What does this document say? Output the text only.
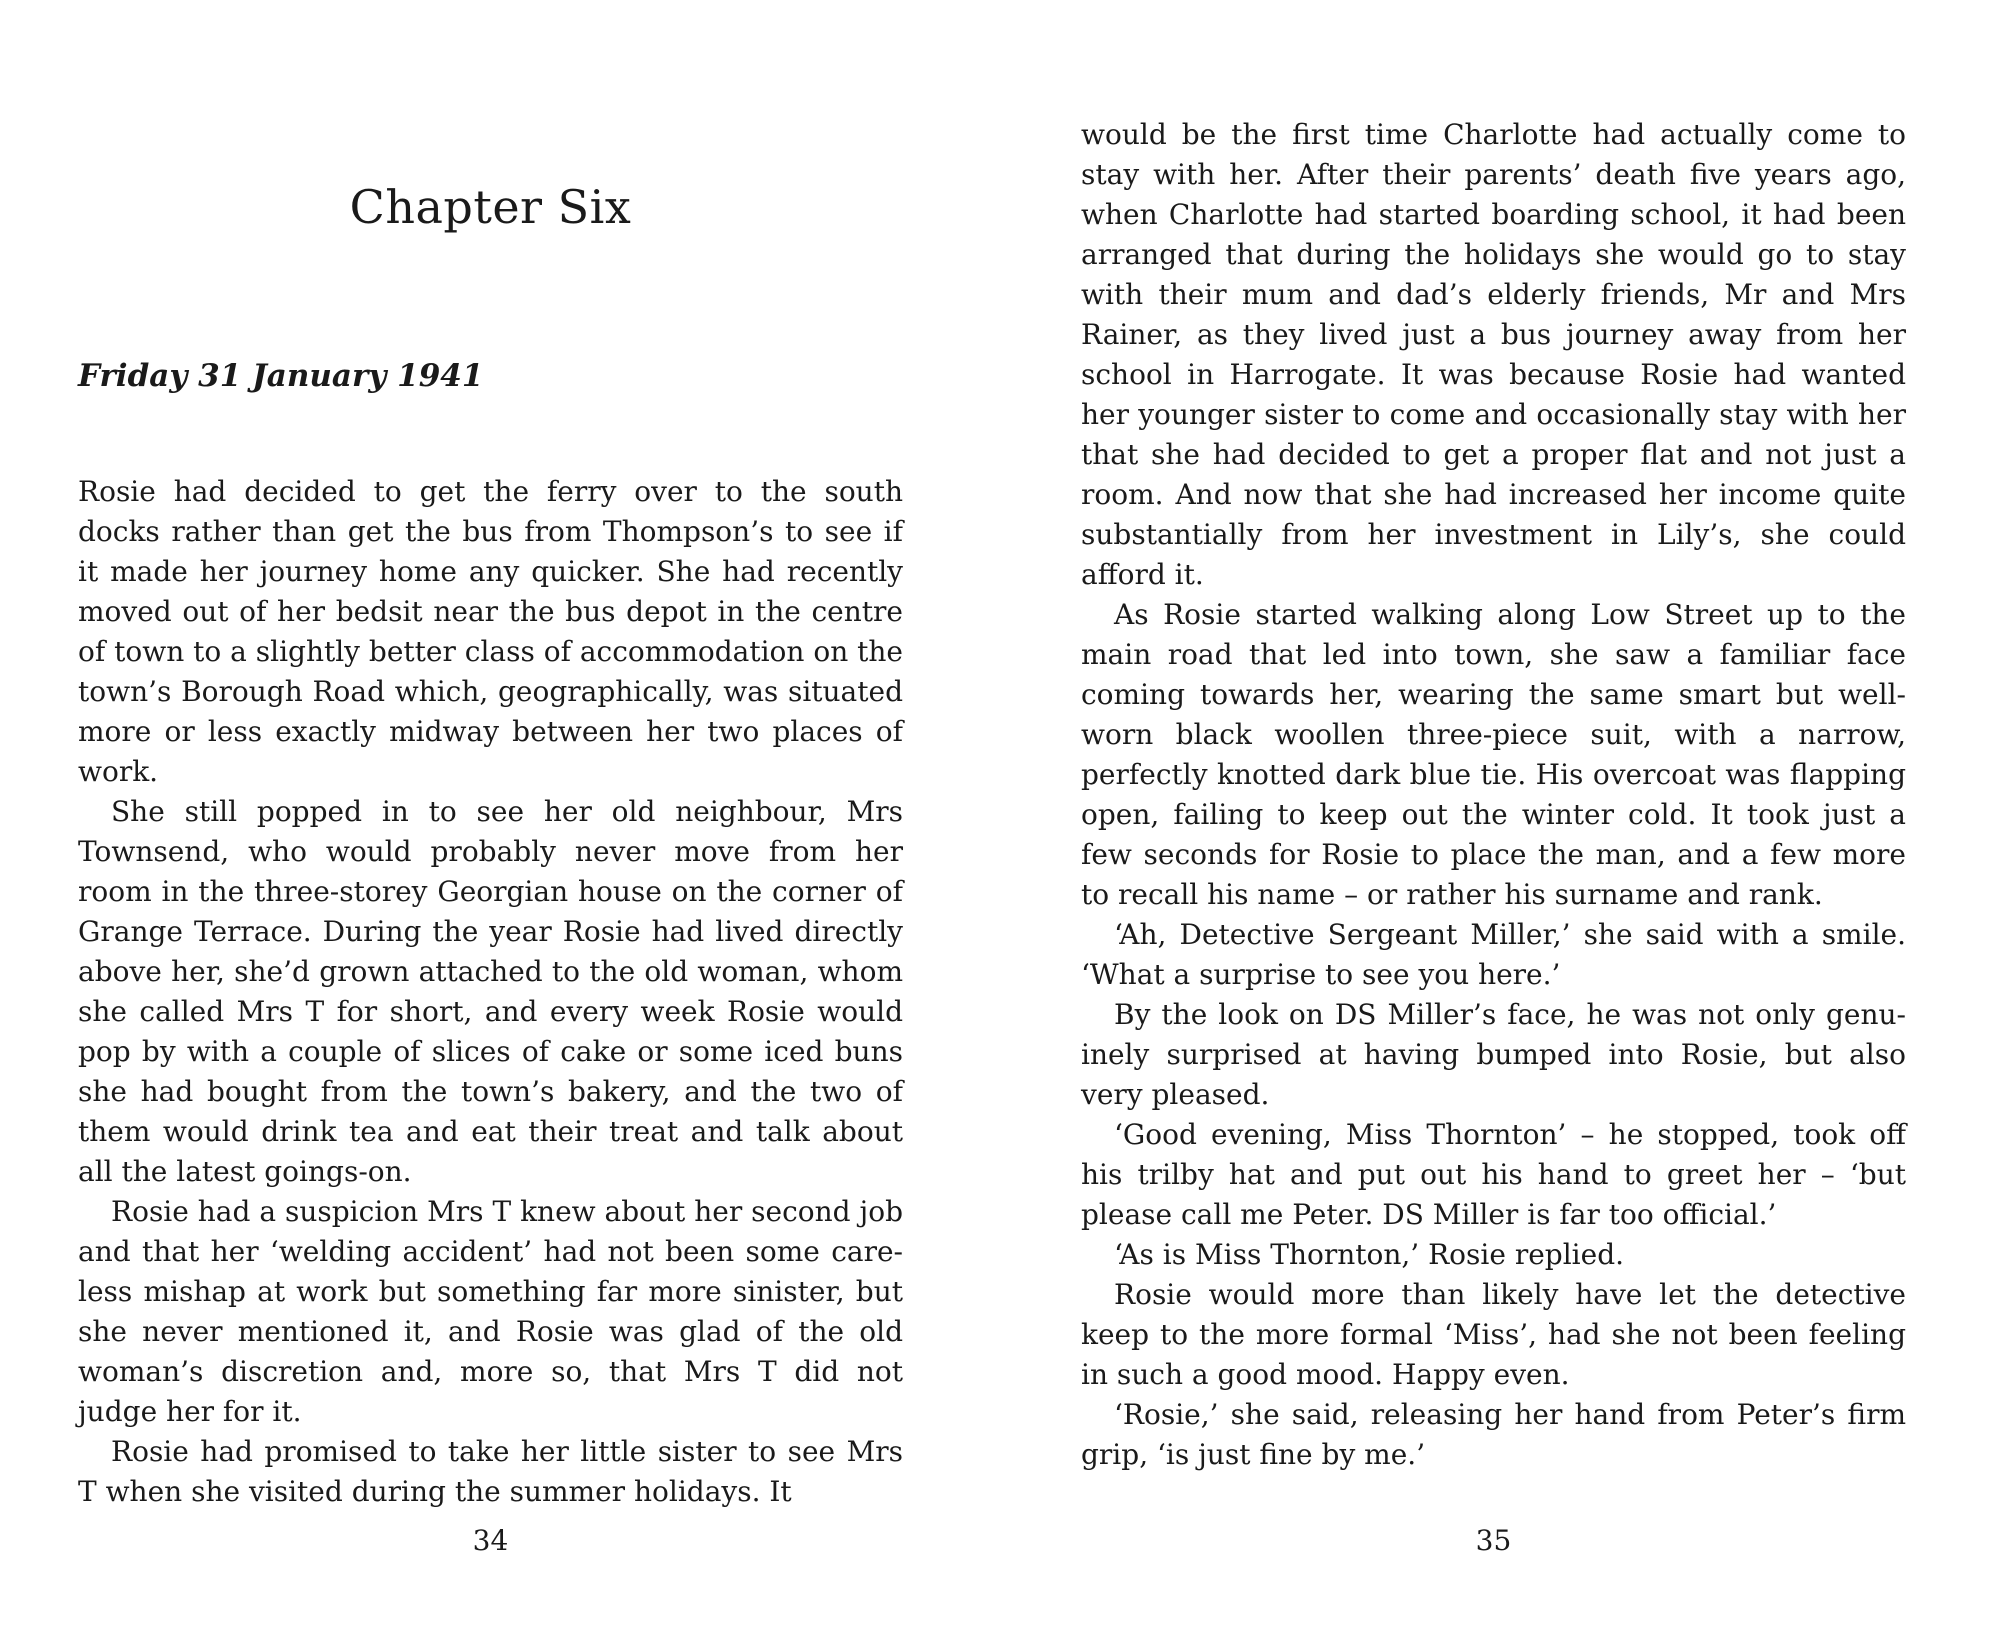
Chapter Six
Friday 31 January 1941

Rosie had decided to get the ferry over to the south docks rather than get the bus from Thompson’s to see if it made her journey home any quicker. She had recently moved out of her bedsit near the bus depot in the centre of town to a slightly better class of accommodation on the town’s Borough Road which, geographically, was situated more or less exactly midway between her two places of work.

She still popped in to see her old neighbour, Mrs Townsend, who would probably never move from her room in the three-storey Georgian house on the corner of Grange Terrace. During the year Rosie had lived directly above her, she’d grown attached to the old woman, whom she called Mrs T for short, and every week Rosie would pop by with a couple of slices of cake or some iced buns she had bought from the town’s bakery, and the two of them would drink tea and eat their treat and talk about all the latest goings-on.

Rosie had a suspicion Mrs T knew about her second job and that her ‘welding accident’ had not been some care-less mishap at work but something far more sinister, but she never mentioned it, and Rosie was glad of the old woman’s discretion and, more so, that Mrs T did not judge her for it.

Rosie had promised to take her little sister to see Mrs T when she visited during the summer holidays. It

34

would be the first time Charlotte had actually come to stay with her. After their parents’ death five years ago, when Charlotte had started boarding school, it had been arranged that during the holidays she would go to stay with their mum and dad’s elderly friends, Mr and Mrs Rainer, as they lived just a bus journey away from her school in Harrogate. It was because Rosie had wanted her younger sister to come and occasionally stay with her that she had decided to get a proper flat and not just a room. And now that she had increased her income quite substantially from her investment in Lily’s, she could afford it.

As Rosie started walking along Low Street up to the main road that led into town, she saw a familiar face coming towards her, wearing the same smart but well-worn black woollen three-piece suit, with a narrow, perfectly knotted dark blue tie. His overcoat was flapping open, failing to keep out the winter cold. It took just a few seconds for Rosie to place the man, and a few more to recall his name – or rather his surname and rank.

‘Ah, Detective Sergeant Miller,’ she said with a smile. ‘What a surprise to see you here.’

By the look on DS Miller’s face, he was not only genu-inely surprised at having bumped into Rosie, but also very pleased.

‘Good evening, Miss Thornton’ – he stopped, took off his trilby hat and put out his hand to greet her – ‘but please call me Peter. DS Miller is far too official.’

‘As is Miss Thornton,’ Rosie replied.

Rosie would more than likely have let the detective keep to the more formal ‘Miss’, had she not been feeling in such a good mood. Happy even.

‘Rosie,’ she said, releasing her hand from Peter’s firm grip, ‘is just fine by me.’

35
